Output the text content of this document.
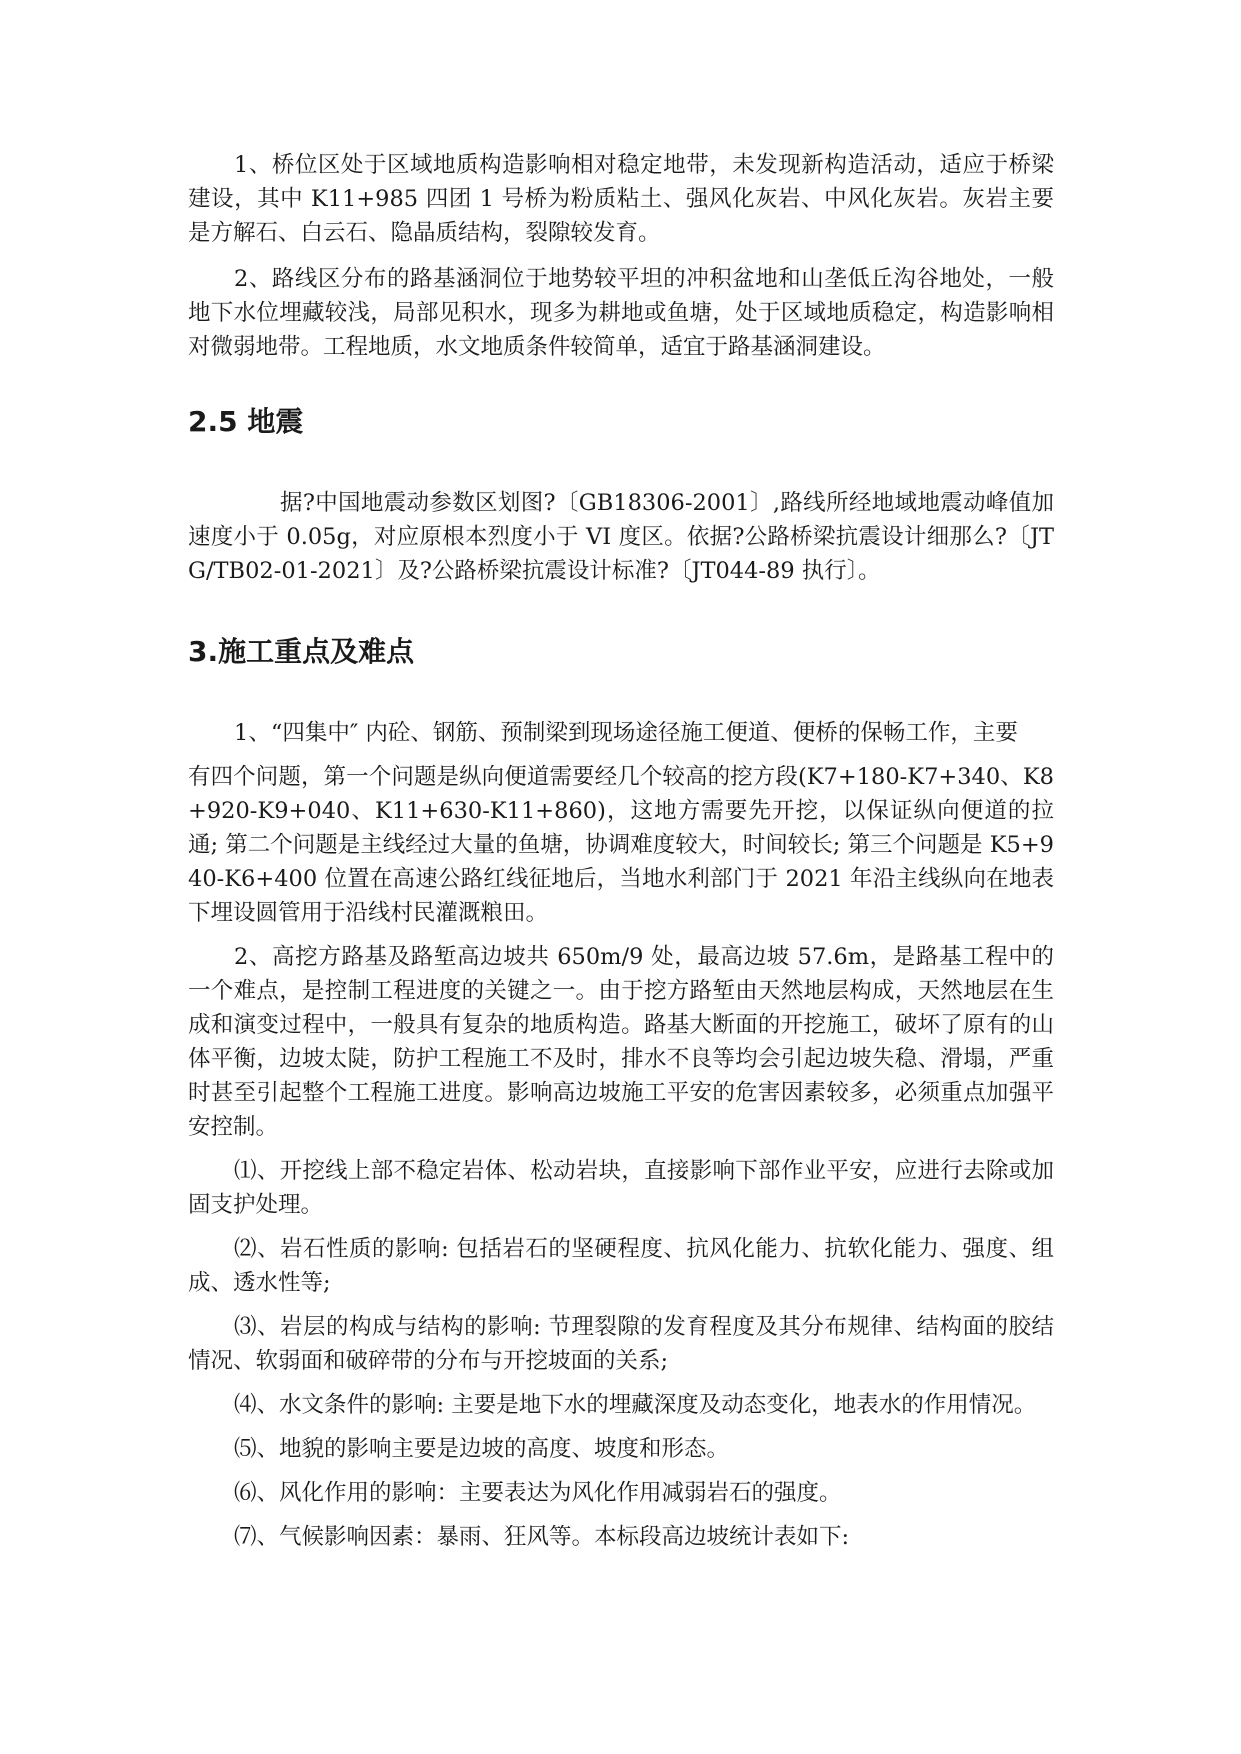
1、桥位区处于区域地质构造影响相对稳定地带，未发现新构造活动，适应于桥梁建设，其中 K11+985 四团 1 号桥为粉质粘土、强风化灰岩、中风化灰岩。灰岩主要是方解石、白云石、隐晶质结构，裂隙较发育。

2、路线区分布的路基涵洞位于地势较平坦的冲积盆地和山垄低丘沟谷地处，一般地下水位埋藏较浅，局部见积水，现多为耕地或鱼塘，处于区域地质稳定，构造影响相对微弱地带。工程地质，水文地质条件较简单，适宜于路基涵洞建设。

2.5 地震

据?中国地震动参数区划图?〔GB18306-2001〕,路线所经地域地震动峰值加速度小于 0.05g，对应原根本烈度小于 VI 度区。依据?公路桥梁抗震设计细那么?〔JTG/TB02-01-2021〕及?公路桥梁抗震设计标准?〔JT044-89 执行〕。

3.施工重点及难点

1、“四集中″ 内砼、钢筋、预制梁到现场途径施工便道、便桥的保畅工作，主要

有四个问题，第一个问题是纵向便道需要经几个较高的挖方段(K7+180-K7+340、K8+920-K9+040、K11+630-K11+860)，这地方需要先开挖，以保证纵向便道的拉通; 第二个问题是主线经过大量的鱼塘，协调难度较大，时间较长; 第三个问题是 K5+940-K6+400 位置在高速公路红线征地后，当地水利部门于 2021 年沿主线纵向在地表下埋设圆管用于沿线村民灌溉粮田。

2、高挖方路基及路堑高边坡共 650m/9 处，最高边坡 57.6m，是路基工程中的一个难点，是控制工程进度的关键之一。由于挖方路堑由天然地层构成，天然地层在生成和演变过程中，一般具有复杂的地质构造。路基大断面的开挖施工，破坏了原有的山体平衡，边坡太陡，防护工程施工不及时，排水不良等均会引起边坡失稳、滑塌，严重时甚至引起整个工程施工进度。影响高边坡施工平安的危害因素较多，必须重点加强平安控制。

⑴、开挖线上部不稳定岩体、松动岩块，直接影响下部作业平安，应进行去除或加固支护处理。

⑵、岩石性质的影响: 包括岩石的坚硬程度、抗风化能力、抗软化能力、强度、组成、透水性等;

⑶、岩层的构成与结构的影响: 节理裂隙的发育程度及其分布规律、结构面的胶结情况、软弱面和破碎带的分布与开挖坡面的关系;

⑷、水文条件的影响: 主要是地下水的埋藏深度及动态变化，地表水的作用情况。

⑸、地貌的影响主要是边坡的高度、坡度和形态。

⑹、风化作用的影响：主要表达为风化作用减弱岩石的强度。

⑺、气候影响因素：暴雨、狂风等。本标段高边坡统计表如下:
